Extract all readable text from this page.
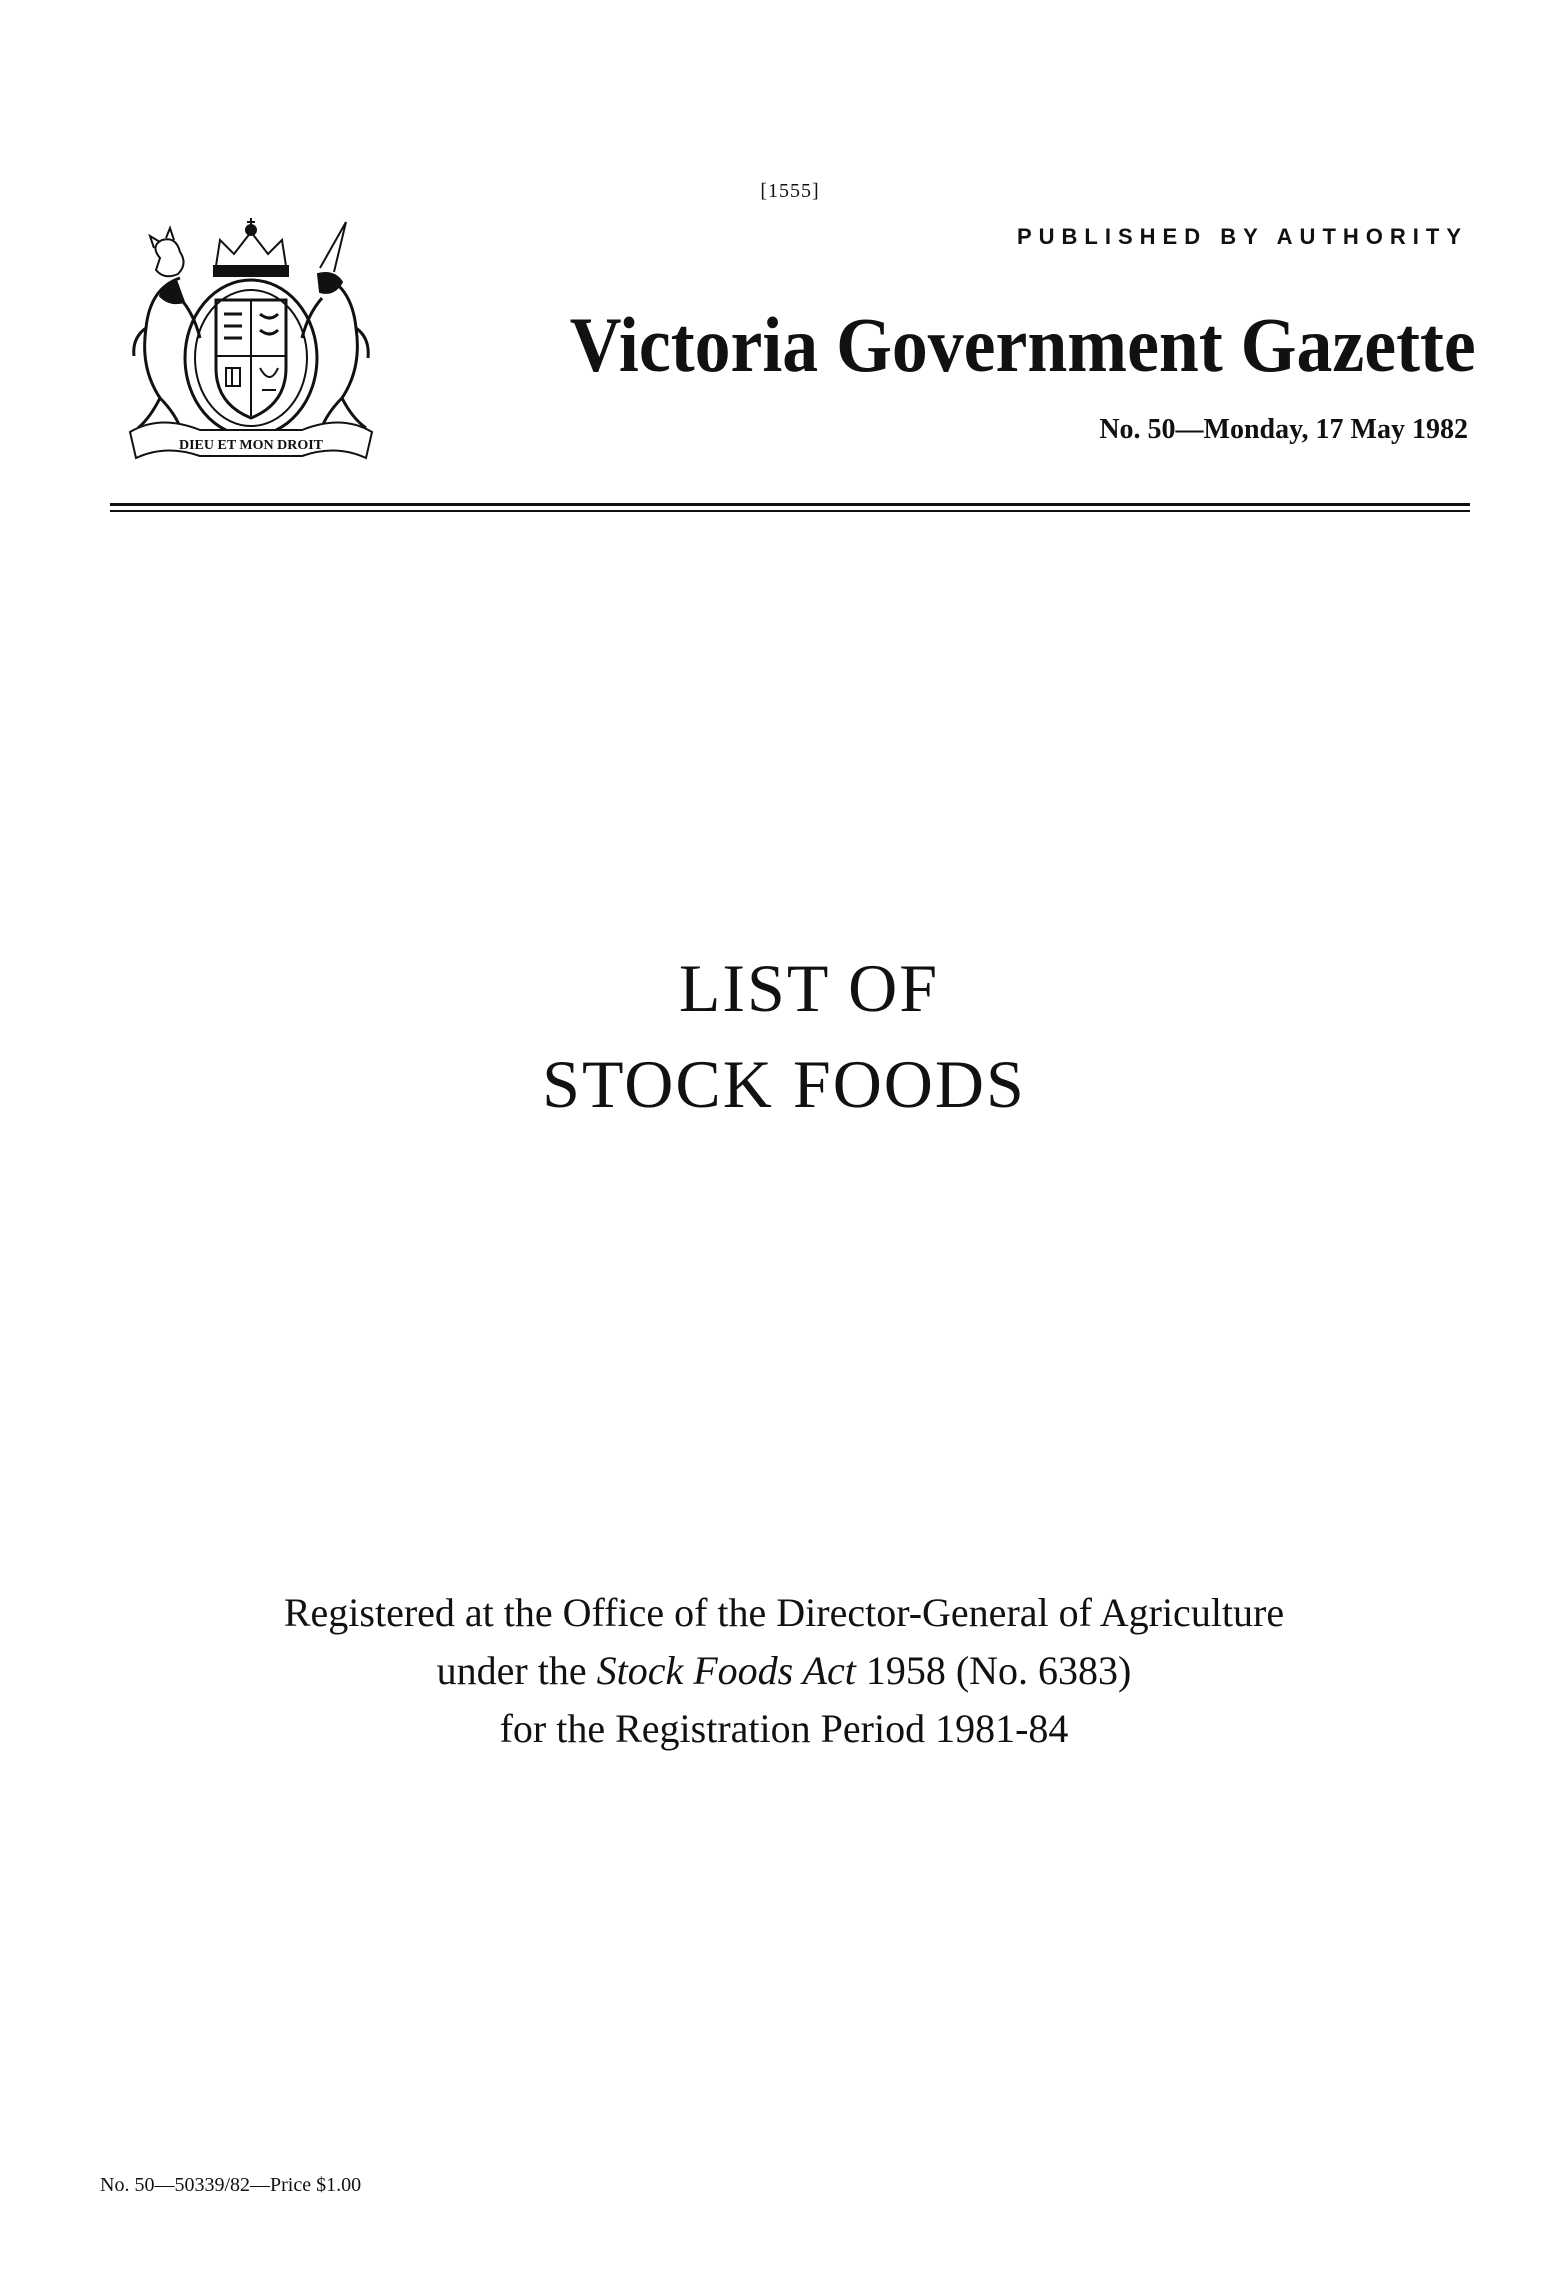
[1555]
PUBLISHED BY AUTHORITY
DIEU ET MON DROIT
Victoria Government Gazette
No. 50—Monday, 17 May 1982
LIST OF
STOCK FOODS
Registered at the Office of the Director-General of Agriculture
under the Stock Foods Act 1958 (No. 6383)
for the Registration Period 1981-84
No. 50—50339/82—Price $1.00
